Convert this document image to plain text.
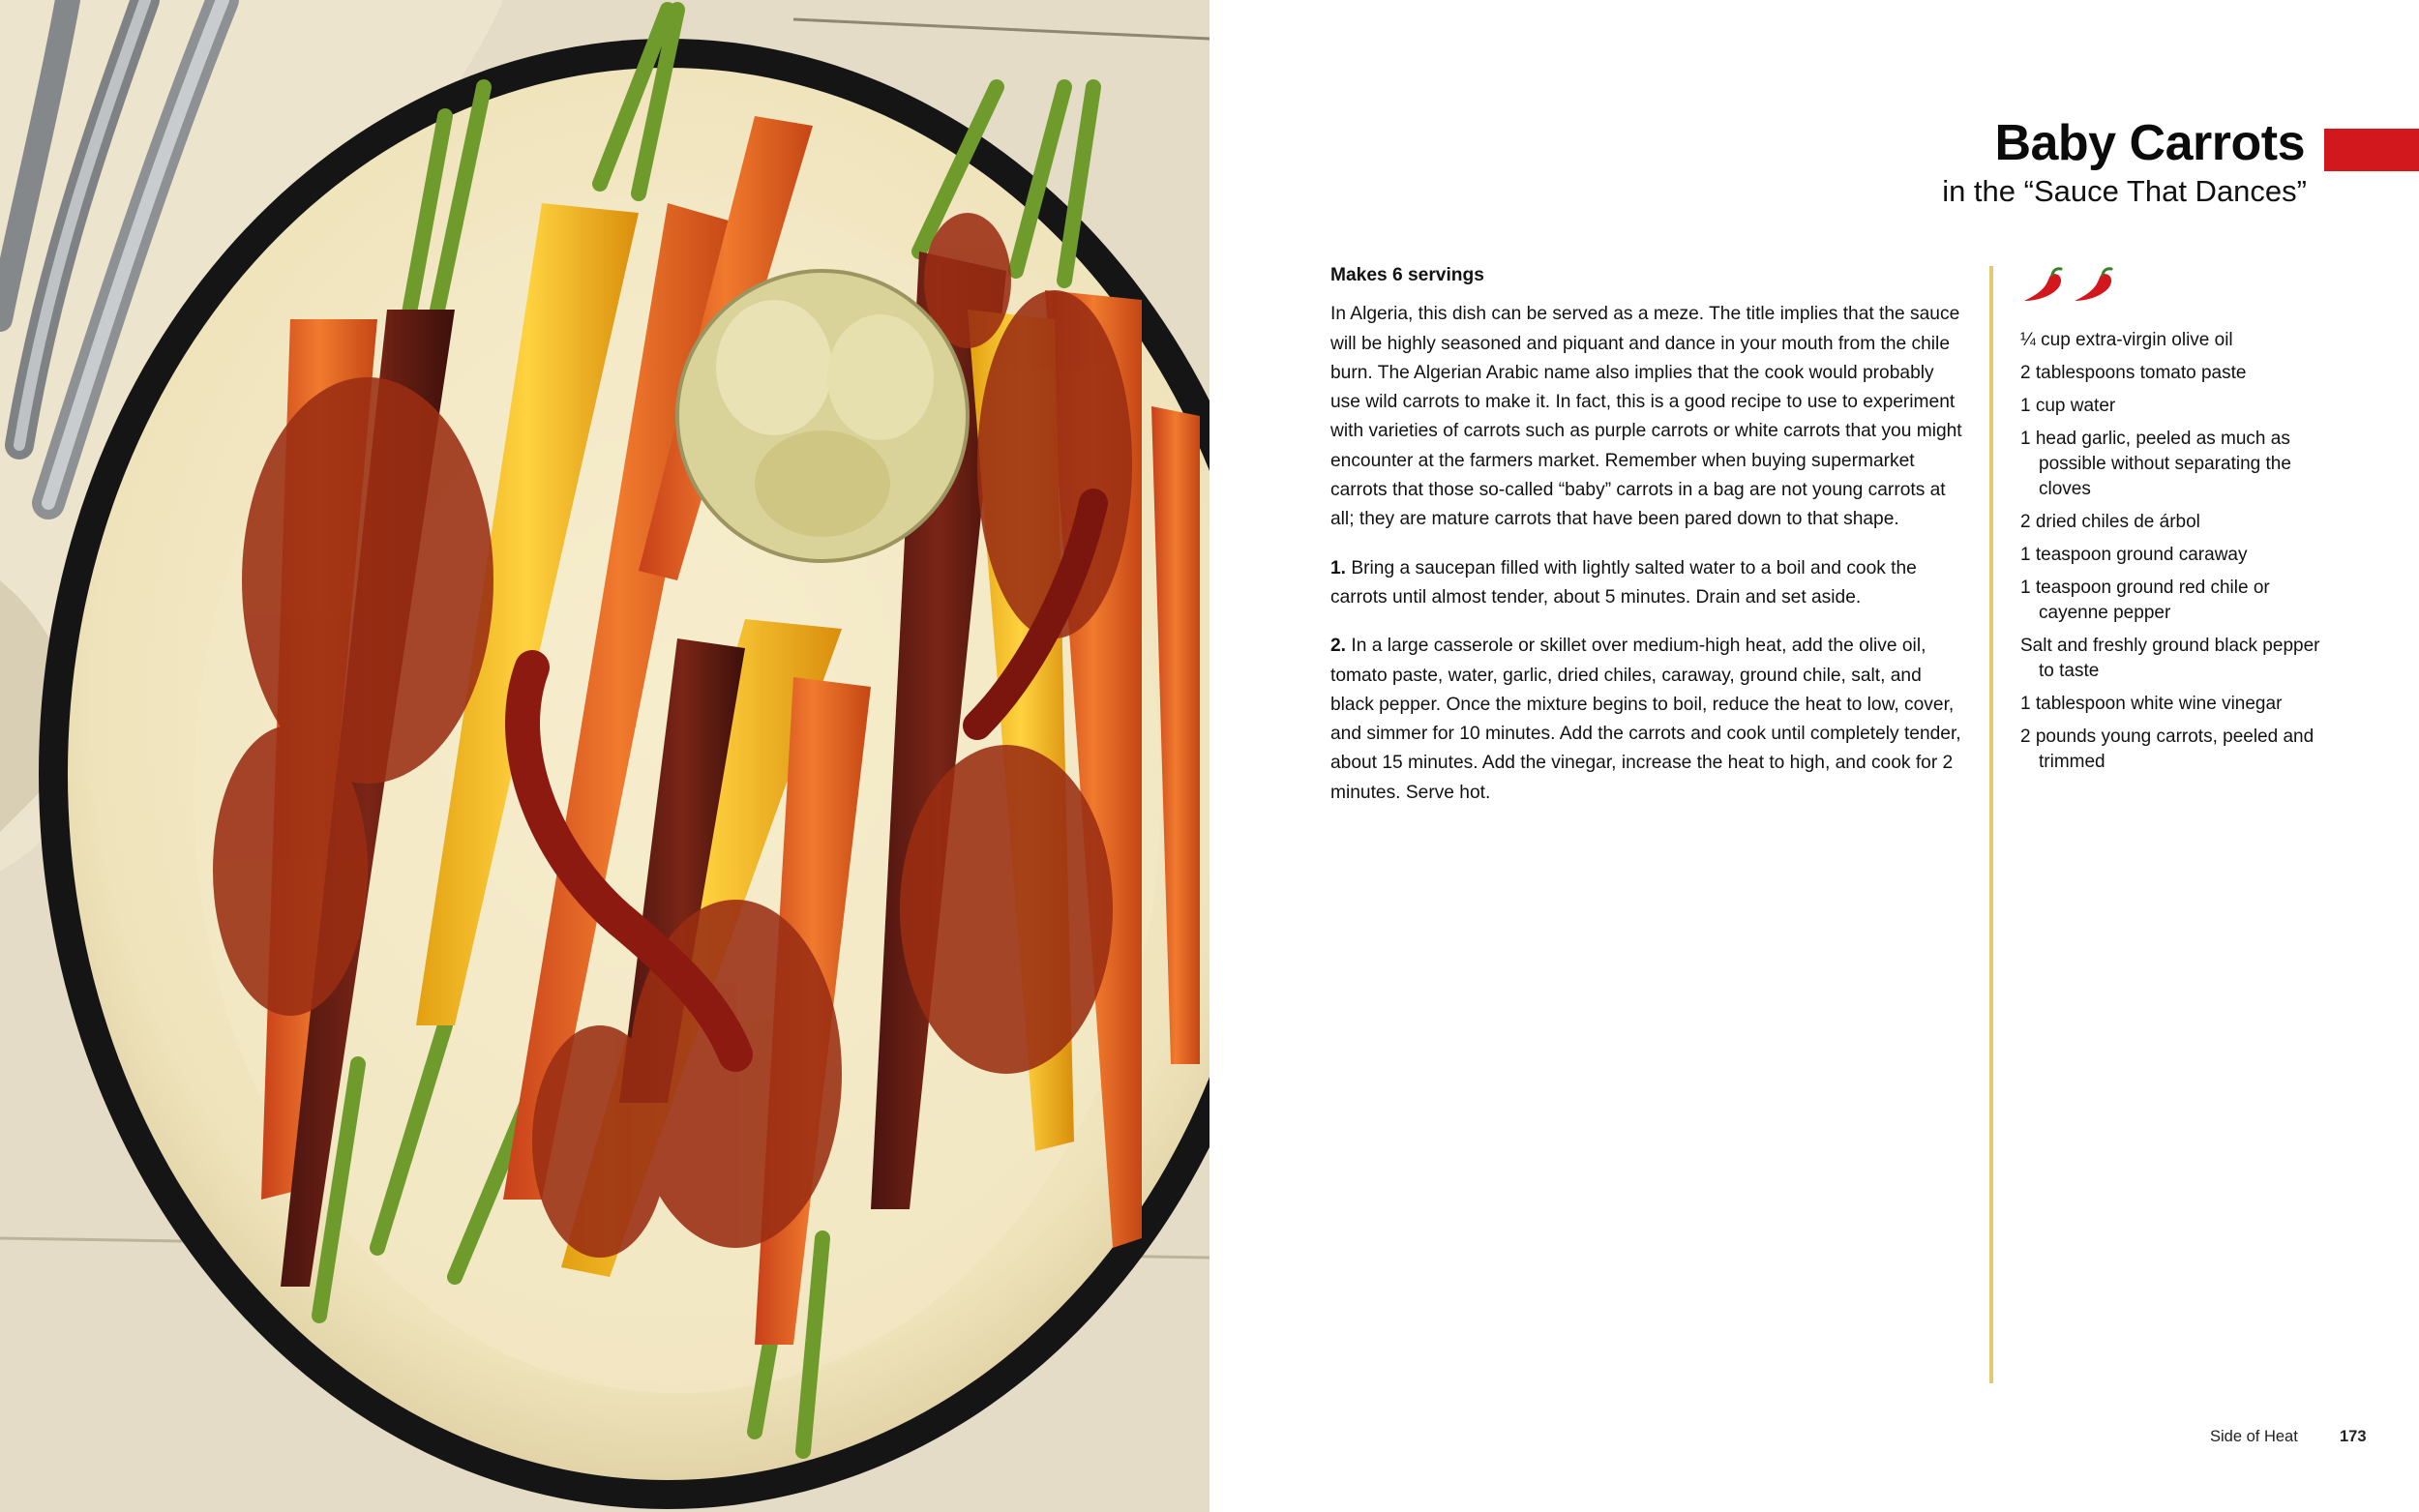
Baby Carrots

in the “Sauce That Dances”

Makes 6 servings

In Algeria, this dish can be served as a meze. The title implies that the sauce will be highly seasoned and piquant and dance in your mouth from the chile burn. The Algerian Arabic name also implies that the cook would probably use wild carrots to make it. In fact, this is a good recipe to use to experiment with varieties of carrots such as purple carrots or white carrots that you might encounter at the farmers market. Remember when buying supermarket carrots that those so-called “baby” carrots in a bag are not young carrots at all; they are mature carrots that have been pared down to that shape.

1. Bring a saucepan filled with lightly salted water to a boil and cook the carrots until almost tender, about 5 minutes. Drain and set aside.

2. In a large casserole or skillet over medium-high heat, add the olive oil, tomato paste, water, garlic, dried chiles, caraway, ground chile, salt, and black pepper. Once the mixture begins to boil, reduce the heat to low, cover, and simmer for 10 minutes. Add the carrots and cook until completely tender, about 15 minutes. Add the vinegar, increase the heat to high, and cook for 2 minutes. Serve hot.

¼ cup extra-virgin olive oil
2 tablespoons tomato paste
1 cup water
1 head garlic, peeled as much as possible without separating the cloves
2 dried chiles de árbol
1 teaspoon ground caraway
1 teaspoon ground red chile or cayenne pepper
Salt and freshly ground black pepper to taste
1 tablespoon white wine vinegar
2 pounds young carrots, peeled and trimmed
Side of Heat	173
